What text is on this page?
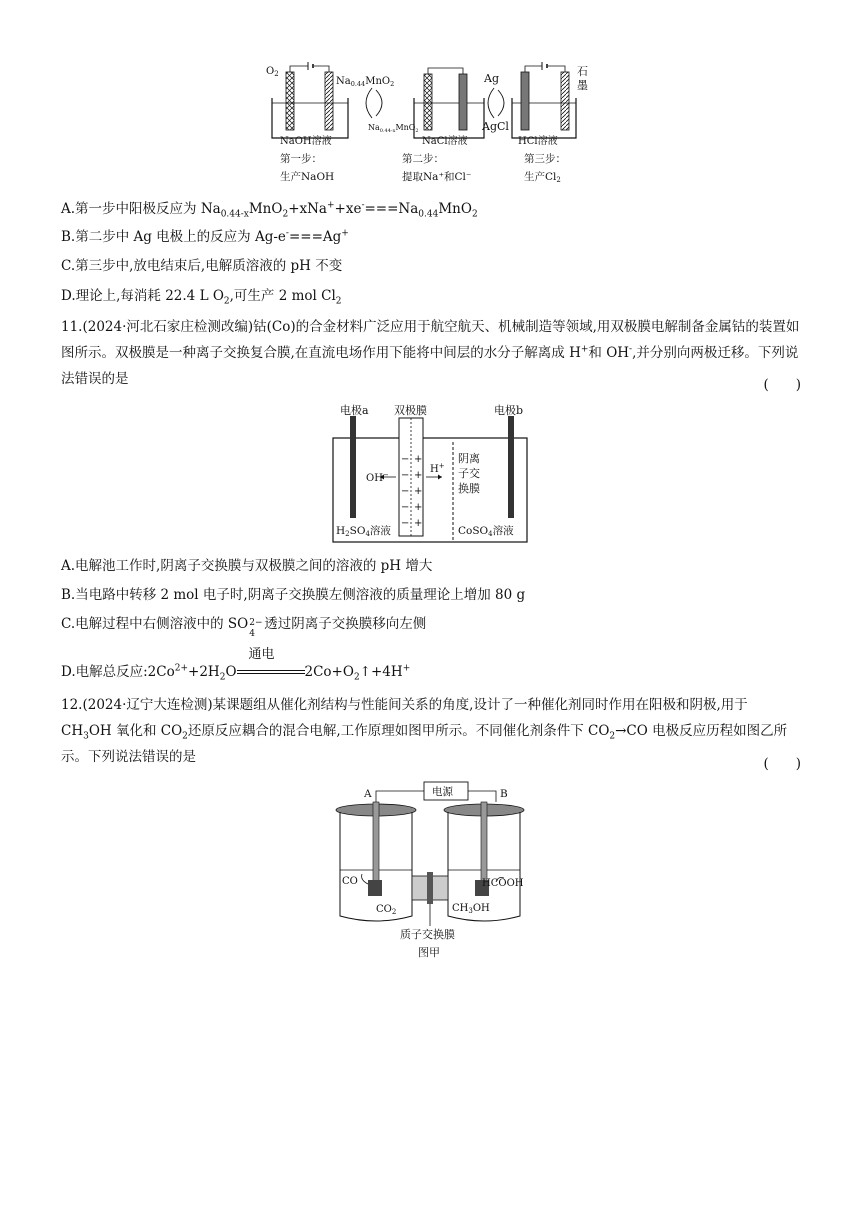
$O_2$
$Na_{0.44}MnO_2$
$Na_{0.44-x}MnO_2$
Ag
AgCl
石
墨
NaOH溶液	NaCl溶液	HCl溶液
第一步：
生产NaOH
第二步：
提取Na⁺和Cl⁻
第三步：
生产Cl2
A.第一步中阳极反应为 $Na_{0.44-x}MnO_2+xNa^++xe^-===Na_{0.44}MnO_2$
B.第二步中 Ag 电极上的反应为 Ag-e-===Ag+
C.第三步中,放电结束后,电解质溶液的 pH 不变
D.理论上,每消耗 22.4 L $O_2$,可生产 2 mol $Cl_2$
11.(2024·河北石家庄检测改编)钴(Co)的合金材料广泛应用于航空航天、机械制造等领域,用双极膜电解制备金属钴的装置如图所示。双极膜是一种离子交换复合膜,在直流电场作用下能将中间层的水分子解离成 H+和 OH-,并分别向两极迁移。下列说法错误的是	(　　)
− +
− +
− +
− +
− +
电极a 双极膜	电极b
OH−	H+
阴离
子交
换膜
H2SO4溶液	CoSO4溶液
A.电解池工作时,阴离子交换膜与双极膜之间的溶液的 pH 增大
B.当电路中转移 2 mol 电子时,阴离子交换膜左侧溶液的质量理论上增加 80 g
C.电解过程中右侧溶液中的 SO 2−
4
透过阴离子交换膜移向左侧
D.电解总反应$:2Co^{2+}+2H_2O$
通电
$2Co+O_2↑+4H^+$
12.(2024·辽宁大连检测)某课题组从催化剂结构与性能间关系的角度,设计了一种催化剂同时作用在阳极和阴极,用于 $CH_3OH$ 氧化和 $CO_2$还原反应耦合的混合电解,工作原理如图甲所示。不同催化剂条件下 $CO_2\to CO$ 电极反应历程如图乙所示。下列说法错误的是	(　　)
电源
A	B
CO
$CO_2$
HCOOH
$CH_3OH$
质子交换膜
图甲
